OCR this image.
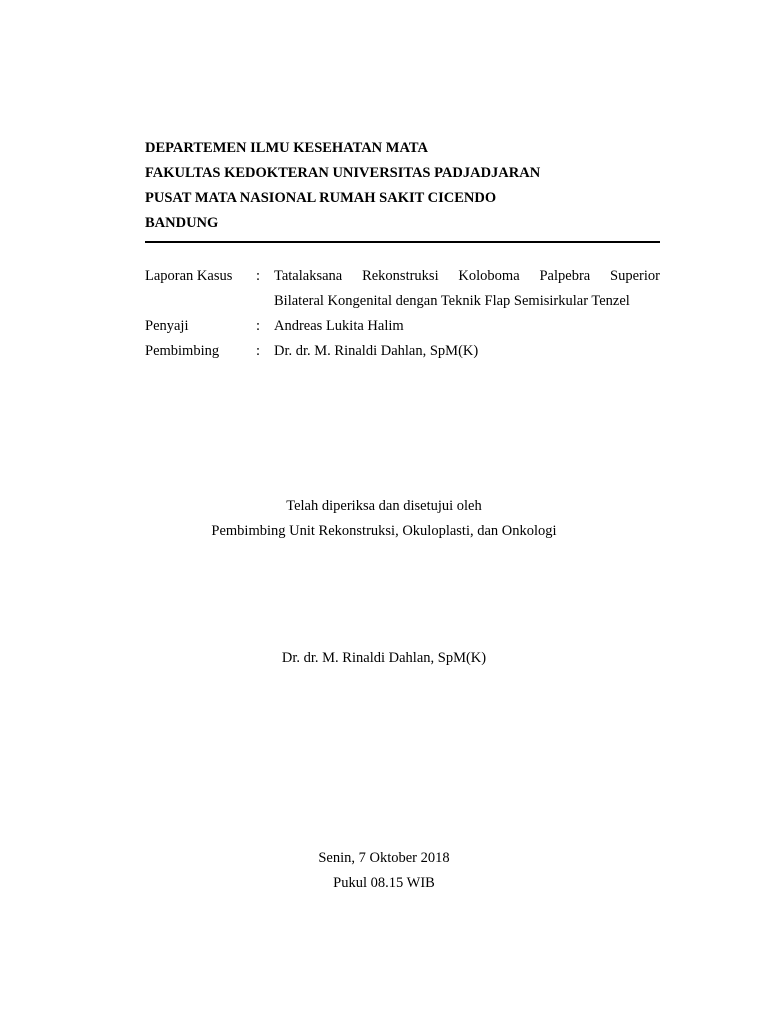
DEPARTEMEN ILMU KESEHATAN MATA
FAKULTAS KEDOKTERAN UNIVERSITAS PADJADJARAN
PUSAT MATA NASIONAL RUMAH SAKIT CICENDO
BANDUNG
Laporan Kasus : Tatalaksana Rekonstruksi Koloboma Palpebra Superior
Bilateral Kongenital dengan Teknik Flap Semisirkular Tenzel
Penyaji	: Andreas Lukita Halim
Pembimbing	: Dr. dr. M. Rinaldi Dahlan, SpM(K)
Telah diperiksa dan disetujui oleh
Pembimbing Unit Rekonstruksi, Okuloplasti, dan Onkologi
Dr. dr. M. Rinaldi Dahlan, SpM(K)
Senin, 7 Oktober 2018
Pukul 08.15 WIB
